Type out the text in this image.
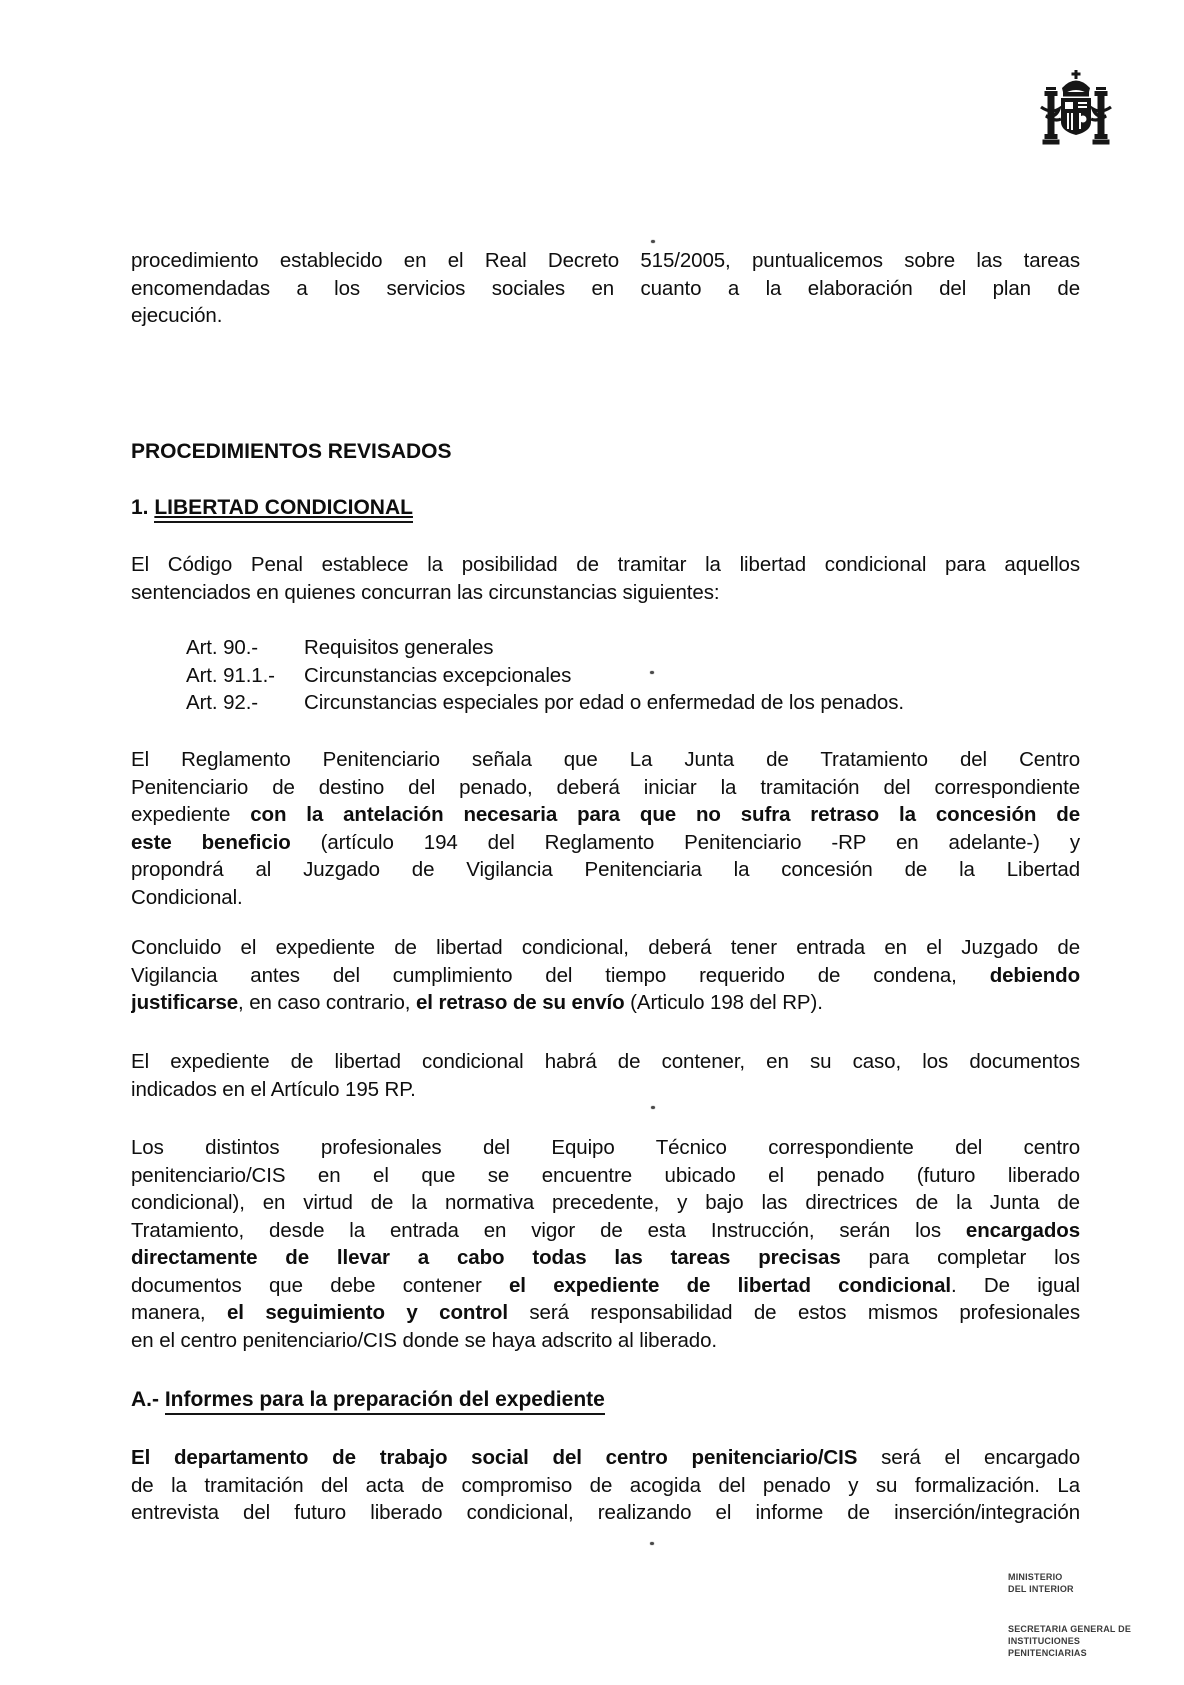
procedimiento establecido en el Real Decreto 515/2005, puntualicemos sobre las tareas
encomendadas a los servicios sociales en cuanto a la elaboración del plan de
ejecución.
PROCEDIMIENTOS REVISADOS
1. LIBERTAD CONDICIONAL
El Código Penal establece la posibilidad de tramitar la libertad condicional para aquellos
sentenciados en quienes concurran las circunstancias siguientes:
Art. 90.- Requisitos generales
Art. 91.1.- Circunstancias excepcionales
Art. 92.- Circunstancias especiales por edad o enfermedad de los penados.
El Reglamento Penitenciario señala que La Junta de Tratamiento del Centro
Penitenciario de destino del penado, deberá iniciar la tramitación del correspondiente
expediente con la antelación necesaria para que no sufra retraso la concesión de
este beneficio (artículo 194 del Reglamento Penitenciario -RP en adelante-) y
propondrá al Juzgado de Vigilancia Penitenciaria la concesión de la Libertad
Condicional.
Concluido el expediente de libertad condicional, deberá tener entrada en el Juzgado de
Vigilancia antes del cumplimiento del tiempo requerido de condena, debiendo
justificarse, en caso contrario, el retraso de su envío (Articulo 198 del RP).
El expediente de libertad condicional habrá de contener, en su caso, los documentos
indicados en el Artículo 195 RP.
Los distintos profesionales del Equipo Técnico correspondiente del centro
penitenciario/CIS en el que se encuentre ubicado el penado (futuro liberado
condicional), en virtud de la normativa precedente, y bajo las directrices de la Junta de
Tratamiento, desde la entrada en vigor de esta Instrucción, serán los encargados
directamente de llevar a cabo todas las tareas precisas para completar los
documentos que debe contener el expediente de libertad condicional. De igual
manera, el seguimiento y control será responsabilidad de estos mismos profesionales
en el centro penitenciario/CIS donde se haya adscrito al liberado.
A.- Informes para la preparación del expediente
El departamento de trabajo social del centro penitenciario/CIS será el encargado
de la tramitación del acta de compromiso de acogida del penado y su formalización. La
entrevista del futuro liberado condicional, realizando el informe de inserción/integración
MINISTERIO
DEL INTERIOR
SECRETARIA GENERAL DE
INSTITUCIONES
PENITENCIARIAS
